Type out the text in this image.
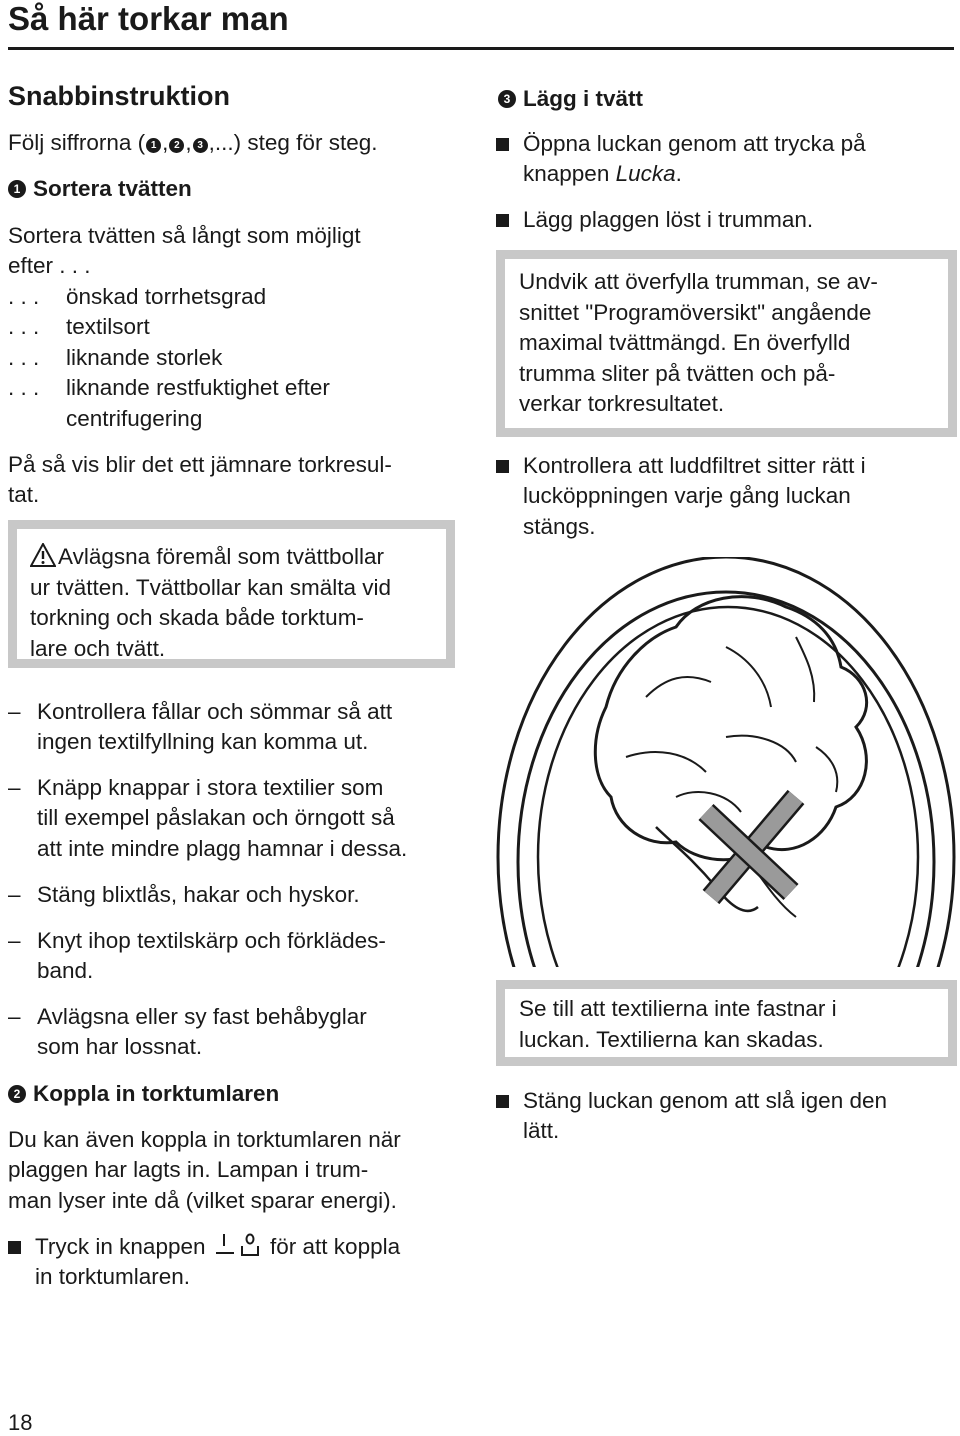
Så här torkar man
Snabbinstruktion
Följ siffrorna ( 1 , 2 , 3 ,...) steg för steg.
1 Sortera tvätten
Sortera tvätten så långt som möjligt
efter . . .
. . . önskad torrhetsgrad
. . . textilsort
. . . liknande storlek
. . . liknande restfuktighet efter
centrifugering
På så vis blir det ett jämnare torkresul-
tat.
Avlägsna föremål som tvättbollar
ur tvätten. Tvättbollar kan smälta vid
torkning och skada både torktum-
lare och tvätt.
– Kontrollera fållar och sömmar så att
ingen textilfyllning kan komma ut.
– Knäpp knappar i stora textilier som
till exempel påslakan och örngott så
att inte mindre plagg hamnar i dessa.
– Stäng blixtlås, hakar och hyskor.
– Knyt ihop textilskärp och förklädes-
band.
– Avlägsna eller sy fast behåbyglar
som har lossnat.
2 Koppla in torktumlaren
Du kan även koppla in torktumlaren när
plaggen har lagts in. Lampan i trum-
man lyser inte då (vilket sparar energi).
Tryck in knappen	för att koppla
in torktumlaren.
3 Lägg i tvätt
Öppna luckan genom att trycka på
knappen Lucka.
Lägg plaggen löst i trumman.
Undvik att överfylla trumman, se av-
snittet "Programöversikt" angående
maximal tvättmängd. En överfylld
trumma sliter på tvätten och på-
verkar torkresultatet.
Kontrollera att luddfiltret sitter rätt i
lucköppningen varje gång luckan
stängs.
Se till att textilierna inte fastnar i
luckan. Textilierna kan skadas.
Stäng luckan genom att slå igen den
lätt.
18
